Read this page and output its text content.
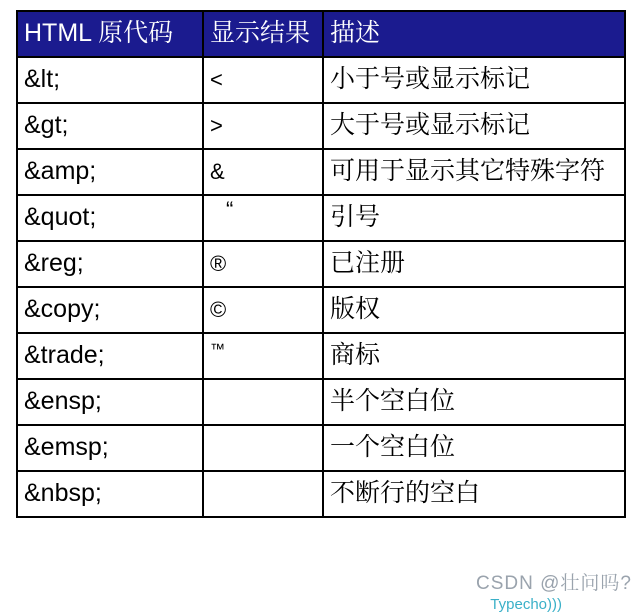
HTML 原代码	显示结果	描述
&lt;	<	小于号或显示标记
&gt;	>	大于号或显示标记
&amp;	&	可用于显示其它特殊字符
&quot;	“	引号
&reg;	®	已注册
&copy;	©	版权
&trade;	™	商标
&ensp;		半个空白位
&emsp;		一个空白位
&nbsp;		不断行的空白
CSDN @壮问吗?
Typecho)))
